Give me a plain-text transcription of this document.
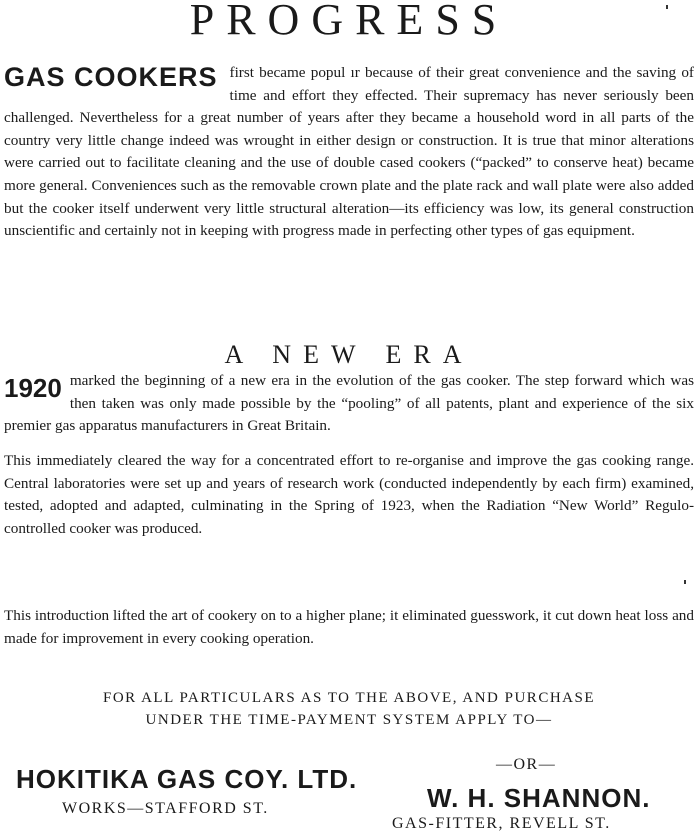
PROGRESS
GAS COOKERS first became popul ır because of their great convenience and the saving of time and effort they effected. Their supremacy has never seriously been challenged. Nevertheless for a great number of years after they became a household word in all parts of the country very little change indeed was wrought in either design or construction. It is true that minor alterations were carried out to facilitate cleaning and the use of double cased cookers (“packed” to conserve heat) became more general. Conveniences such as the removable crown plate and the plate rack and wall plate were also added but the cooker itself underwent very little structural alteration—its efficiency was low, its general construction unscientific and certainly not in keeping with progress made in perfecting other types of gas equipment.
A NEW ERA
1920 marked the beginning of a new era in the evolution of the gas cooker. The step forward which was then taken was only made possible by the “pooling” of all patents, plant and experience of the six premier gas apparatus manufacturers in Great Britain.
This immediately cleared the way for a concentrated effort to re-organise and improve the gas cooking range. Central laboratories were set up and years of research work (conducted independently by each firm) examined, tested, adopted and adapted, culminating in the Spring of 1923, when the Radiation “New World” Regulo-controlled cooker was produced.
This introduction lifted the art of cookery on to a higher plane; it eliminated guesswork, it cut down heat loss and made for improvement in every cooking operation.
FOR ALL PARTICULARS AS TO THE ABOVE, AND PURCHASE
UNDER THE TIME-PAYMENT SYSTEM APPLY TO—
HOKITIKA GAS COY. LTD.
WORKS—STAFFORD ST.
—OR—
W. H. SHANNON.
GAS-FITTER, REVELL ST.
